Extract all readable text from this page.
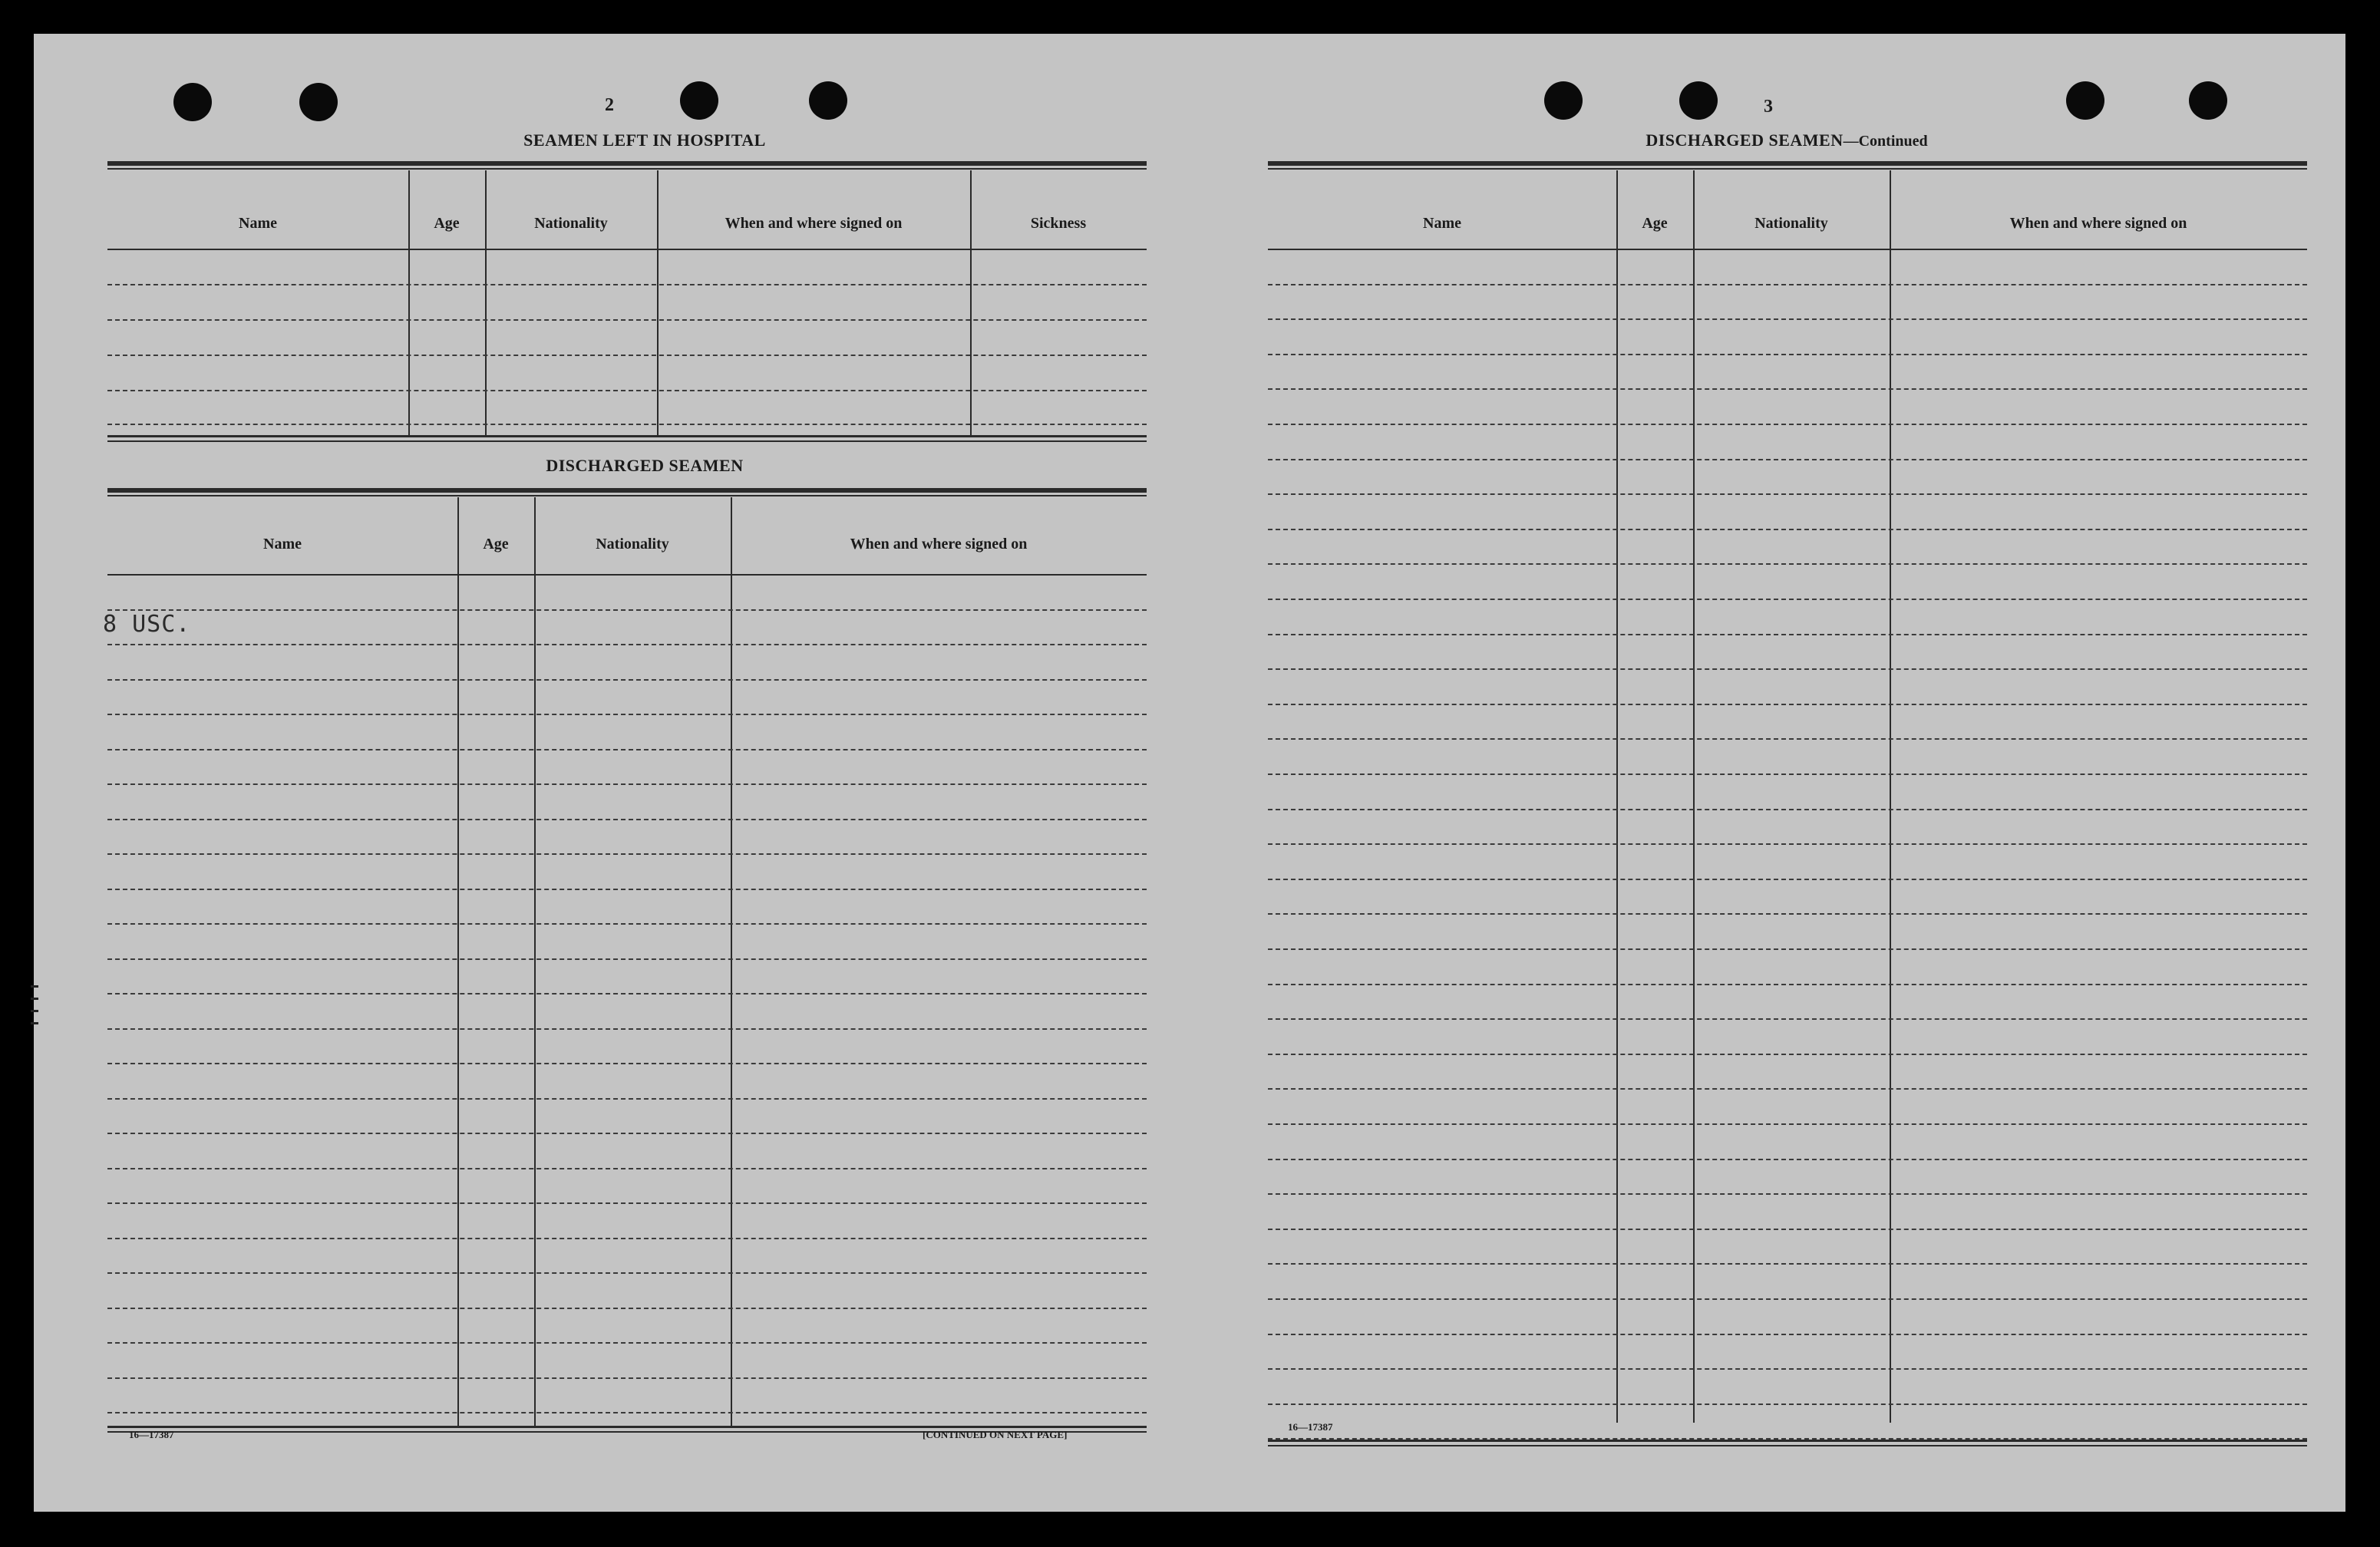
2
SEAMEN LEFT IN HOSPITAL
Name	Age	Nationality	When and where signed on	Sickness
DISCHARGED SEAMEN
Name	Age	Nationality	When and where signed on
8 USC.
16—17387	[CONTINUED ON NEXT PAGE]
3
DISCHARGED SEAMEN—Continued
Name	Age	Nationality	When and where signed on
16—17387
